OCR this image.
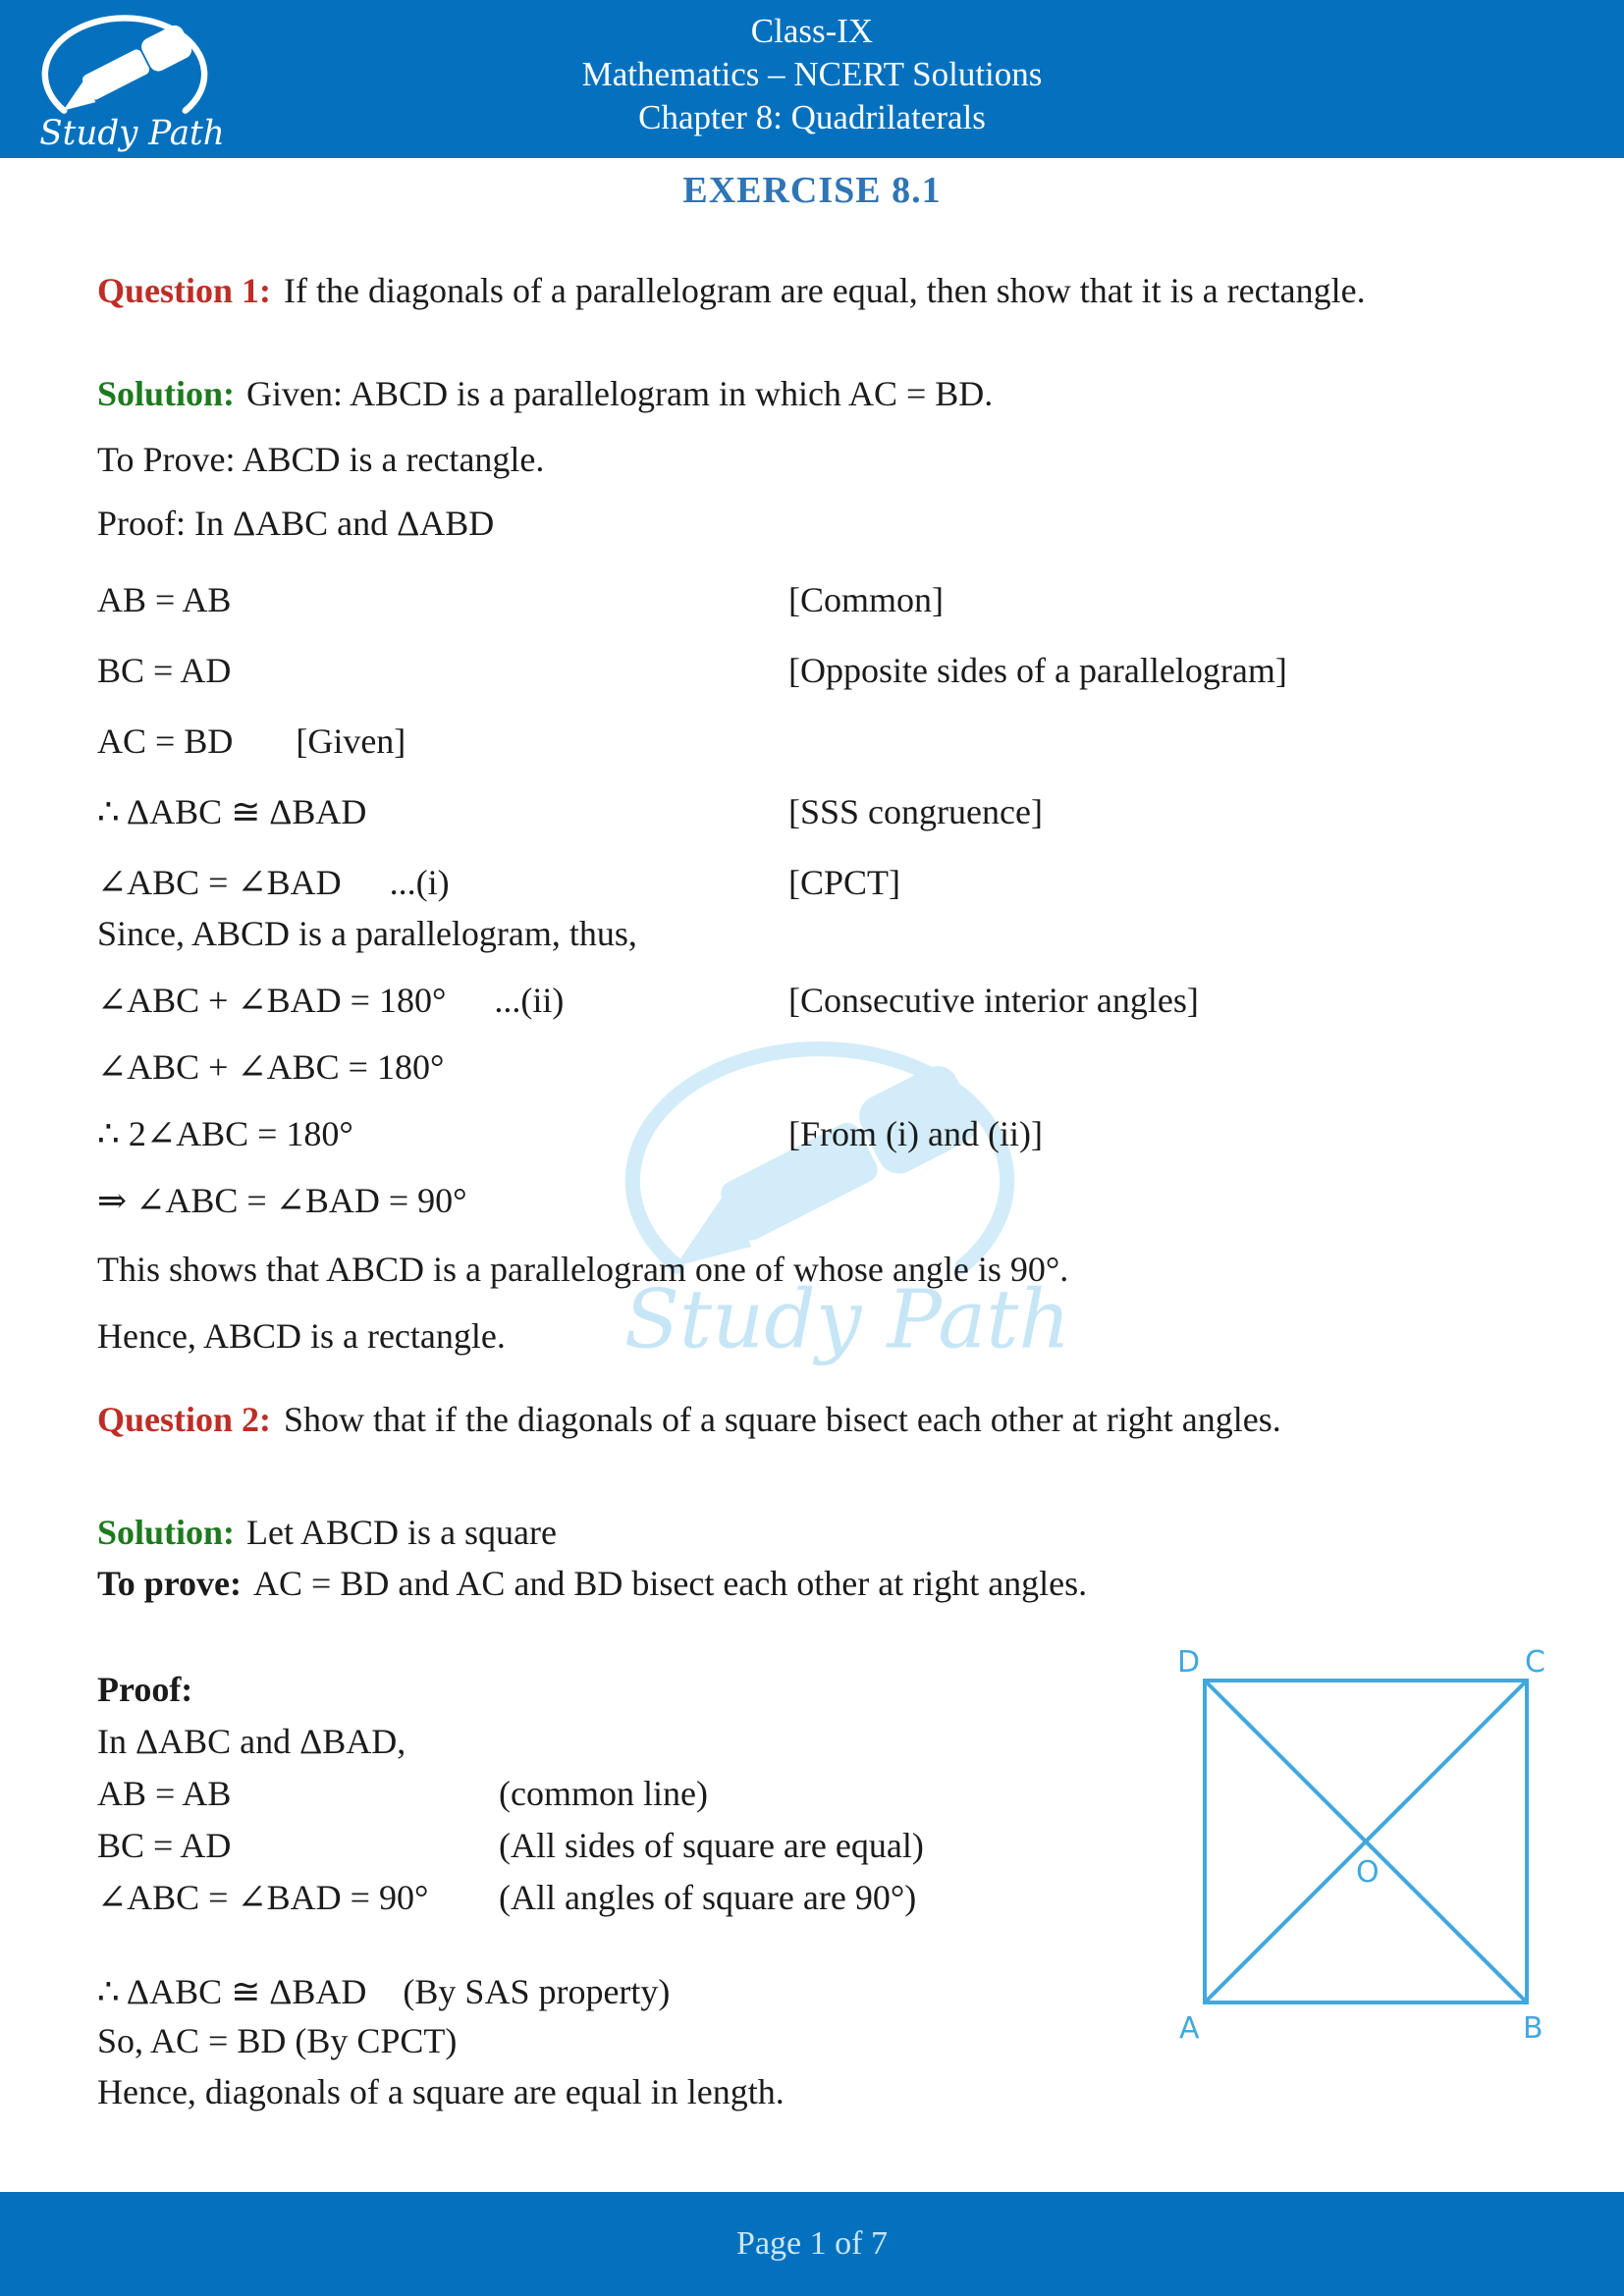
Study Path
Study Path
Class-IX
Mathematics – NCERT Solutions
Chapter 8: Quadrilaterals
EXERCISE 8.1
Question 1: If the diagonals of a parallelogram are equal, then show that it is a rectangle.
Solution: Given: ABCD is a parallelogram in which AC = BD.
To Prove: ABCD is a rectangle.
Proof: In ΔABC and ΔABD
AB = AB	[Common]
BC = AD	[Opposite sides of a parallelogram]
AC = BD [Given]
∴ ΔABC ≅ ΔBAD	[SSS congruence]
∠ABC = ∠BAD ...(i)	[CPCT]
Since, ABCD is a parallelogram, thus,
∠ABC + ∠BAD = 180° ...(ii)	[Consecutive interior angles]
∠ABC + ∠ABC = 180°
∴ 2∠ABC = 180°	[From (i) and (ii)]
⇒ ∠ABC = ∠BAD = 90°
This shows that ABCD is a parallelogram one of whose angle is 90°.
Hence, ABCD is a rectangle.
Question 2: Show that if the diagonals of a square bisect each other at right angles.
Solution: Let ABCD is a square
To prove: AC = BD and AC and BD bisect each other at right angles.
Proof:
In ΔABC and ΔBAD,
AB = AB	(common line)
BC = AD	(All sides of square are equal)
∠ABC = ∠BAD = 90° (All angles of square are 90°)
∴ ΔABC ≅ ΔBAD (By SAS property)
So, AC = BD (By CPCT)
Hence, diagonals of a square are equal in length.
D	C
A	B
O
Page 1 of 7
